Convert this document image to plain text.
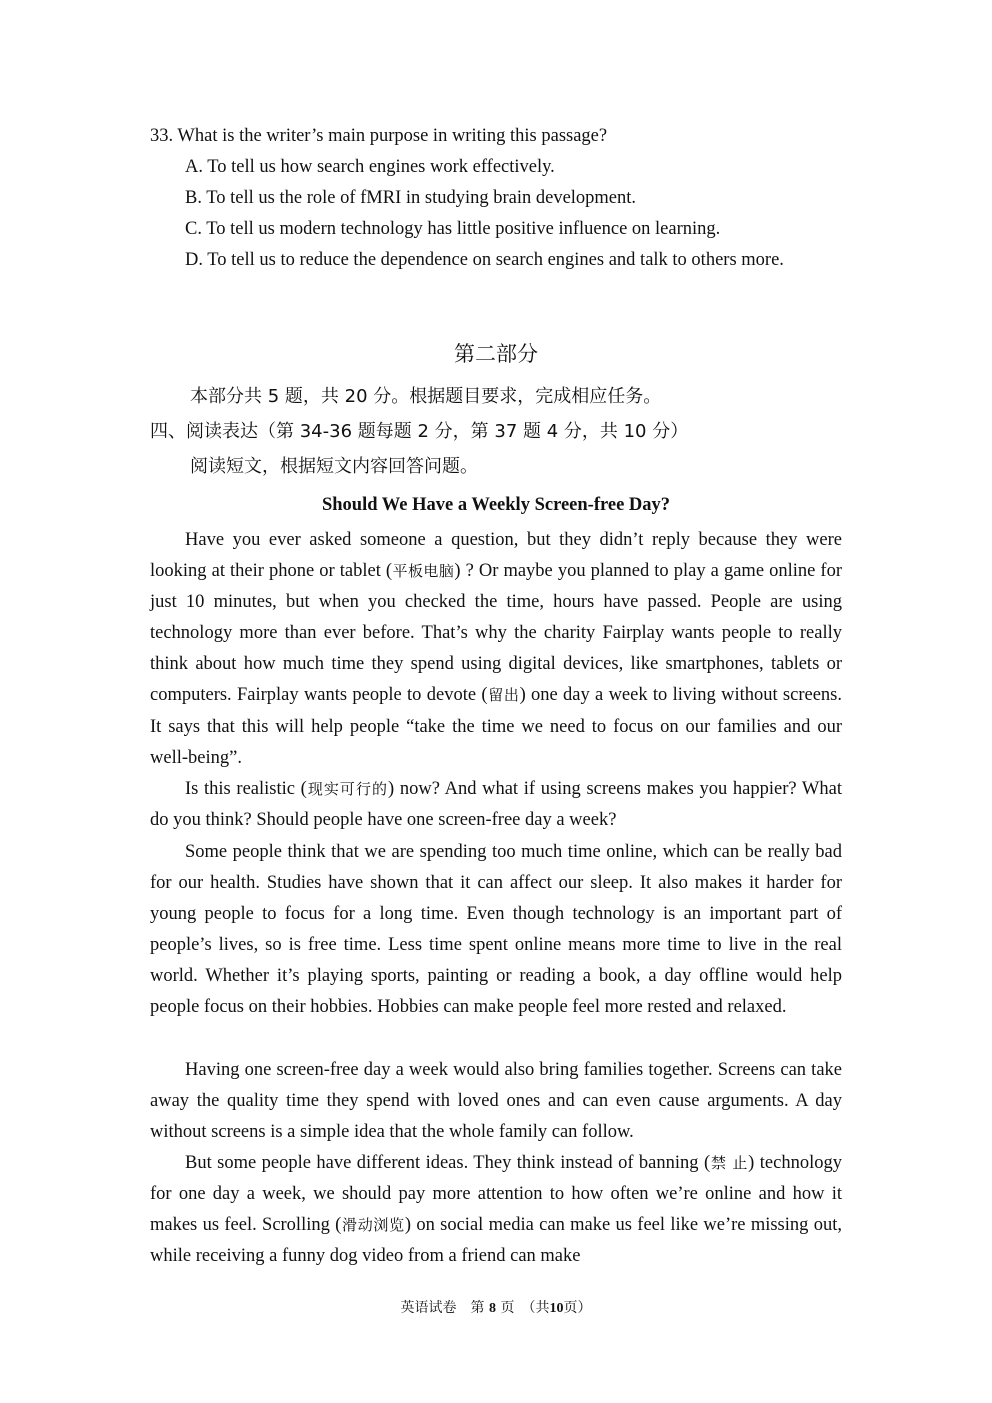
33. What is the writer’s main purpose in writing this passage?
A. To tell us how search engines work effectively.
B. To tell us the role of fMRI in studying brain development.
C. To tell us modern technology has little positive influence on learning.
D. To tell us to reduce the dependence on search engines and talk to others more.
第二部分
本部分共 5 题，共 20 分。根据题目要求，完成相应任务。
四、阅读表达（第 34-36 题每题 2 分，第 37 题 4 分，共 10 分）
阅读短文，根据短文内容回答问题。
Should We Have a Weekly Screen-free Day?

Have you ever asked someone a question, but they didn’t reply because they were looking at their phone or tablet (平板电脑) ? Or maybe you planned to play a game online for just 10 minutes, but when you checked the time, hours have passed. People are using technology more than ever before. That’s why the charity Fairplay wants people to really think about how much time they spend using digital devices, like smartphones, tablets or computers. Fairplay wants people to devote (留出) one day a week to living without screens. It says that this will help people “take the time we need to focus on our families and our well-being”.

Is this realistic (现实可行的) now? And what if using screens makes you happier? What do you think? Should people have one screen-free day a week?

Some people think that we are spending too much time online, which can be really bad for our health. Studies have shown that it can affect our sleep. It also makes it harder for young people to focus for a long time. Even though technology is an important part of people’s lives, so is free time. Less time spent online means more time to live in the real world. Whether it’s playing sports, painting or reading a book, a day offline would help people focus on their hobbies. Hobbies can make people feel more rested and relaxed.

Having one screen-free day a week would also bring families together. Screens can take away the quality time they spend with loved ones and can even cause arguments. A day without screens is a simple idea that the whole family can follow.

But some people have different ideas. They think instead of banning (禁 止) technology for one day a week, we should pay more attention to how often we’re online and how it makes us feel. Scrolling (滑动浏览) on social media can make us feel like we’re missing out, while receiving a funny dog video from a friend can make

英语试卷　第 8 页　（共10页）
